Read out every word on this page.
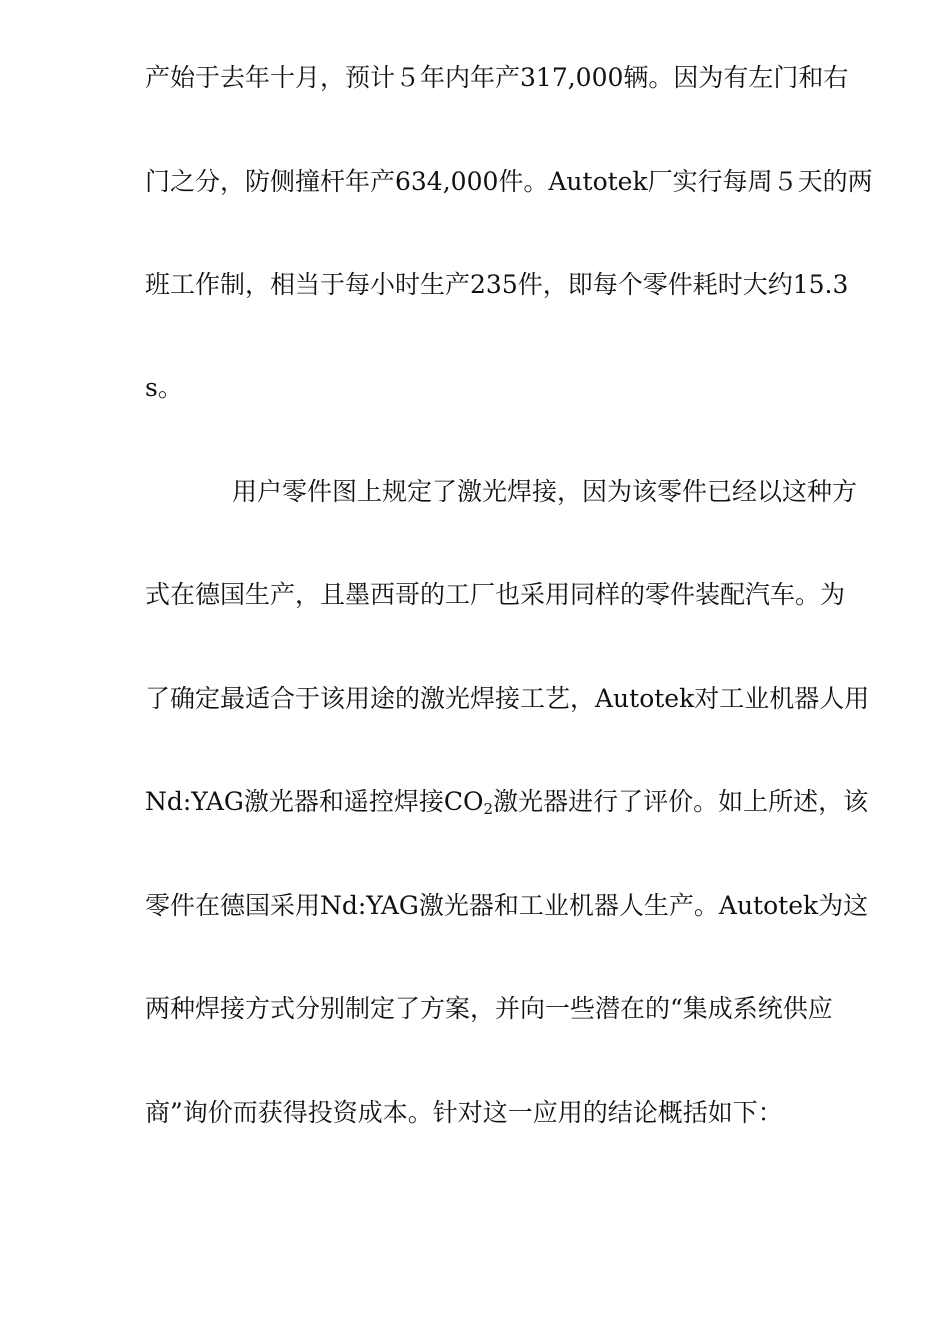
产始于去年十月，预计５年内年产317,000辆。因为有左门和右
门之分，防侧撞杆年产634,000件。Autotek厂实行每周５天的两
班工作制，相当于每小时生产235件，即每个零件耗时大约15.3
s。
用户零件图上规定了激光焊接，因为该零件已经以这种方
式在德国生产，且墨西哥的工厂也采用同样的零件装配汽车。为
了确定最适合于该用途的激光焊接工艺，Autotek对工业机器人用
Nd:YAG激光器和遥控焊接$CO_2$激光器进行了评价。如上所述，该
零件在德国采用Nd:YAG激光器和工业机器人生产。Autotek为这
两种焊接方式分别制定了方案，并向一些潜在的“集成系统供应
商”询价而获得投资成本。针对这一应用的结论概括如下：
